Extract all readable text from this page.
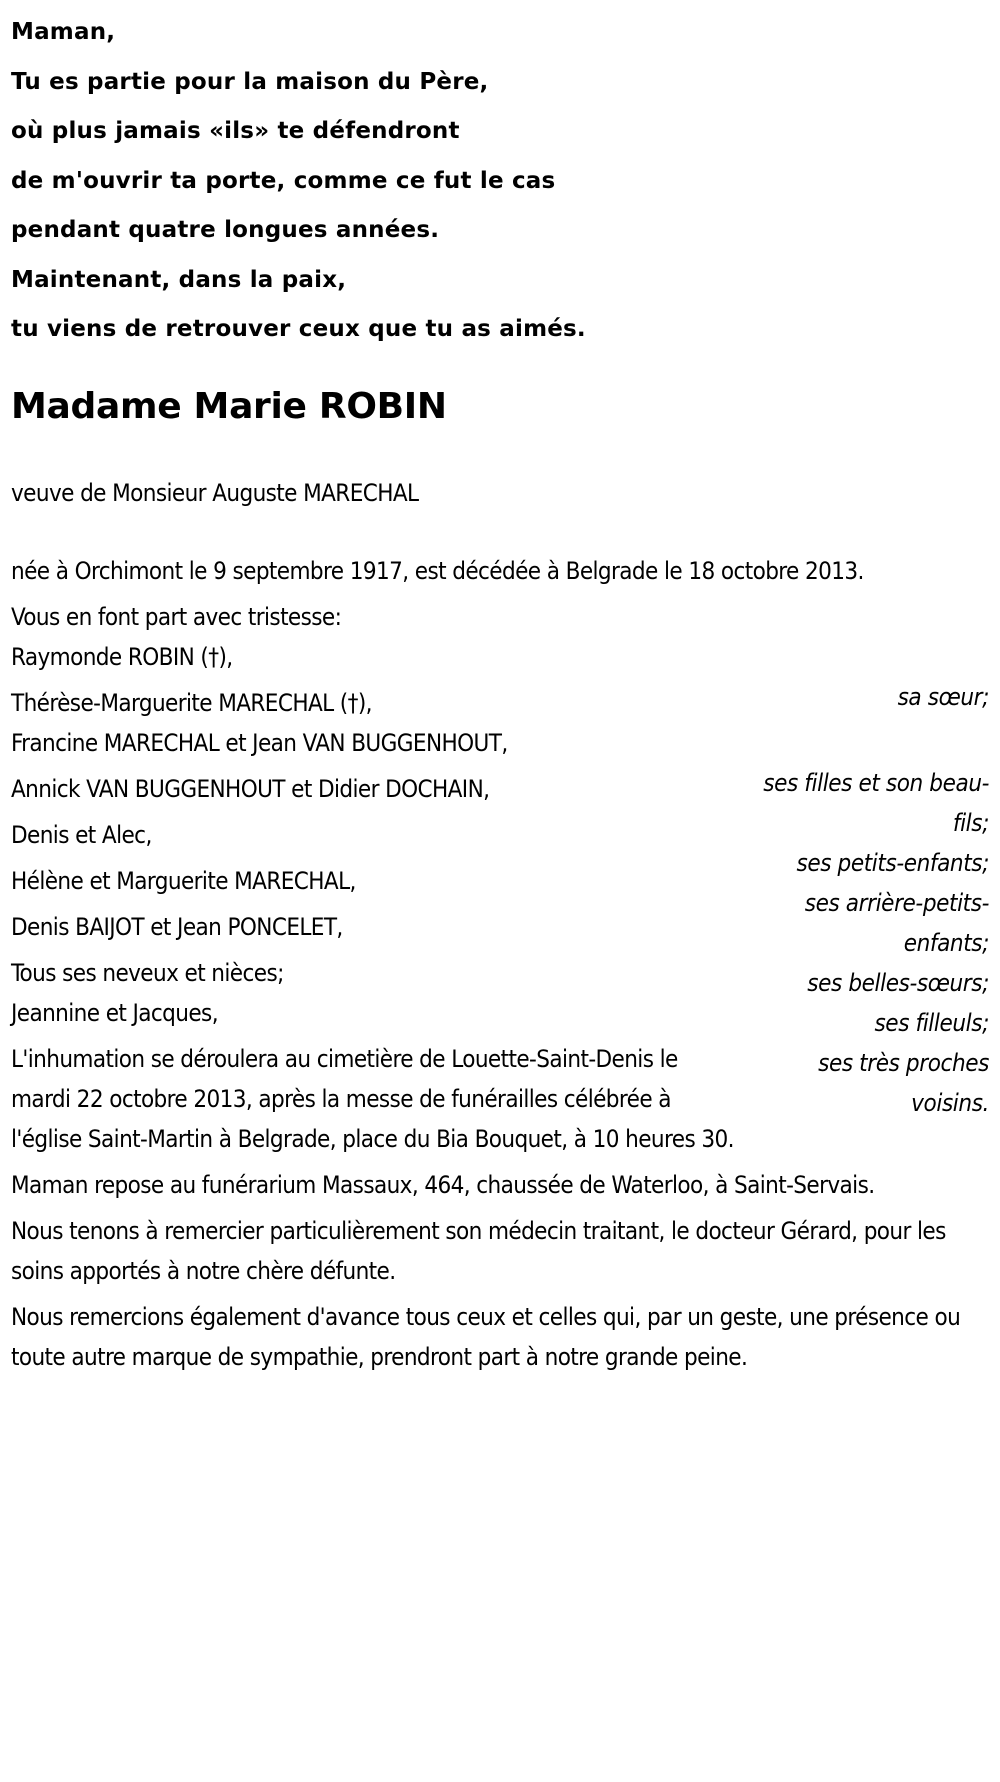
Maman,

Tu es partie pour la maison du Père,

où plus jamais «ils» te défendront

de m'ouvrir ta porte, comme ce fut le cas

pendant quatre longues années.

Maintenant, dans la paix,

tu viens de retrouver ceux que tu as aimés.

Madame Marie ROBIN

veuve de Monsieur Auguste MARECHAL

née à Orchimont le 9 septembre 1917, est décédée à Belgrade le 18 octobre 2013.

Vous en font part avec tristesse:

Raymonde ROBIN (†),
sa sœur;
Thérèse-Marguerite MARECHAL (†),
Francine MARECHAL et Jean VAN BUGGENHOUT,
ses filles et son beau-fils;
Annick VAN BUGGENHOUT et Didier DOCHAIN,
ses petits-enfants;
Denis et Alec,
ses arrière-petits-enfants;
Hélène et Marguerite MARECHAL,
ses belles-sœurs;
Denis BAIJOT et Jean PONCELET,
ses filleuls;
Tous ses neveux et nièces;
Jeannine et Jacques,
ses très proches voisins.

L'inhumation se déroulera au cimetière de Louette-Saint-Denis le mardi 22 octobre 2013, après la messe de funérailles célébrée à l'église Saint-Martin à Belgrade, place du Bia Bouquet, à 10 heures 30.

Maman repose au funérarium Massaux, 464, chaussée de Waterloo, à Saint-Servais.

Nous tenons à remercier particulièrement son médecin traitant, le docteur Gérard, pour les soins apportés à notre chère défunte.

Nous remercions également d'avance tous ceux et celles qui, par un geste, une présence ou toute autre marque de sympathie, prendront part à notre grande peine.
